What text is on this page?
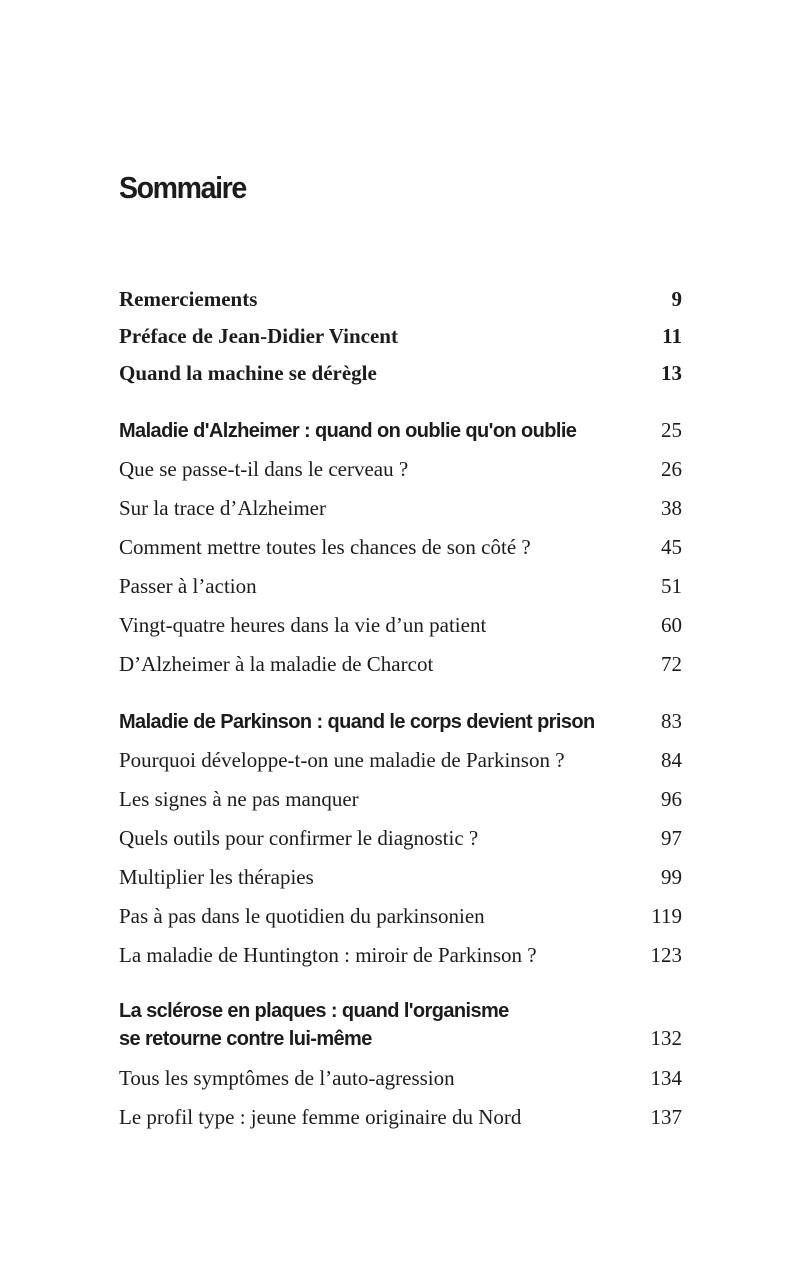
Sommaire
Remerciements	9
Préface de Jean-Didier Vincent	11
Quand la machine se dérègle	13
Maladie d'Alzheimer : quand on oublie qu'on oublie	25
Que se passe-t-il dans le cerveau ?	26
Sur la trace d’Alzheimer	38
Comment mettre toutes les chances de son côté ?	45
Passer à l’action	51
Vingt-quatre heures dans la vie d’un patient	60
D’Alzheimer à la maladie de Charcot	72
Maladie de Parkinson : quand le corps devient prison	83
Pourquoi développe-t-on une maladie de Parkinson ?	84
Les signes à ne pas manquer	96
Quels outils pour confirmer le diagnostic ?	97
Multiplier les thérapies	99
Pas à pas dans le quotidien du parkinsonien	119
La maladie de Huntington : miroir de Parkinson ?	123
La sclérose en plaques : quand l'organisme
se retourne contre lui-même	132
Tous les symptômes de l’auto-agression	134
Le profil type : jeune femme originaire du Nord	137
